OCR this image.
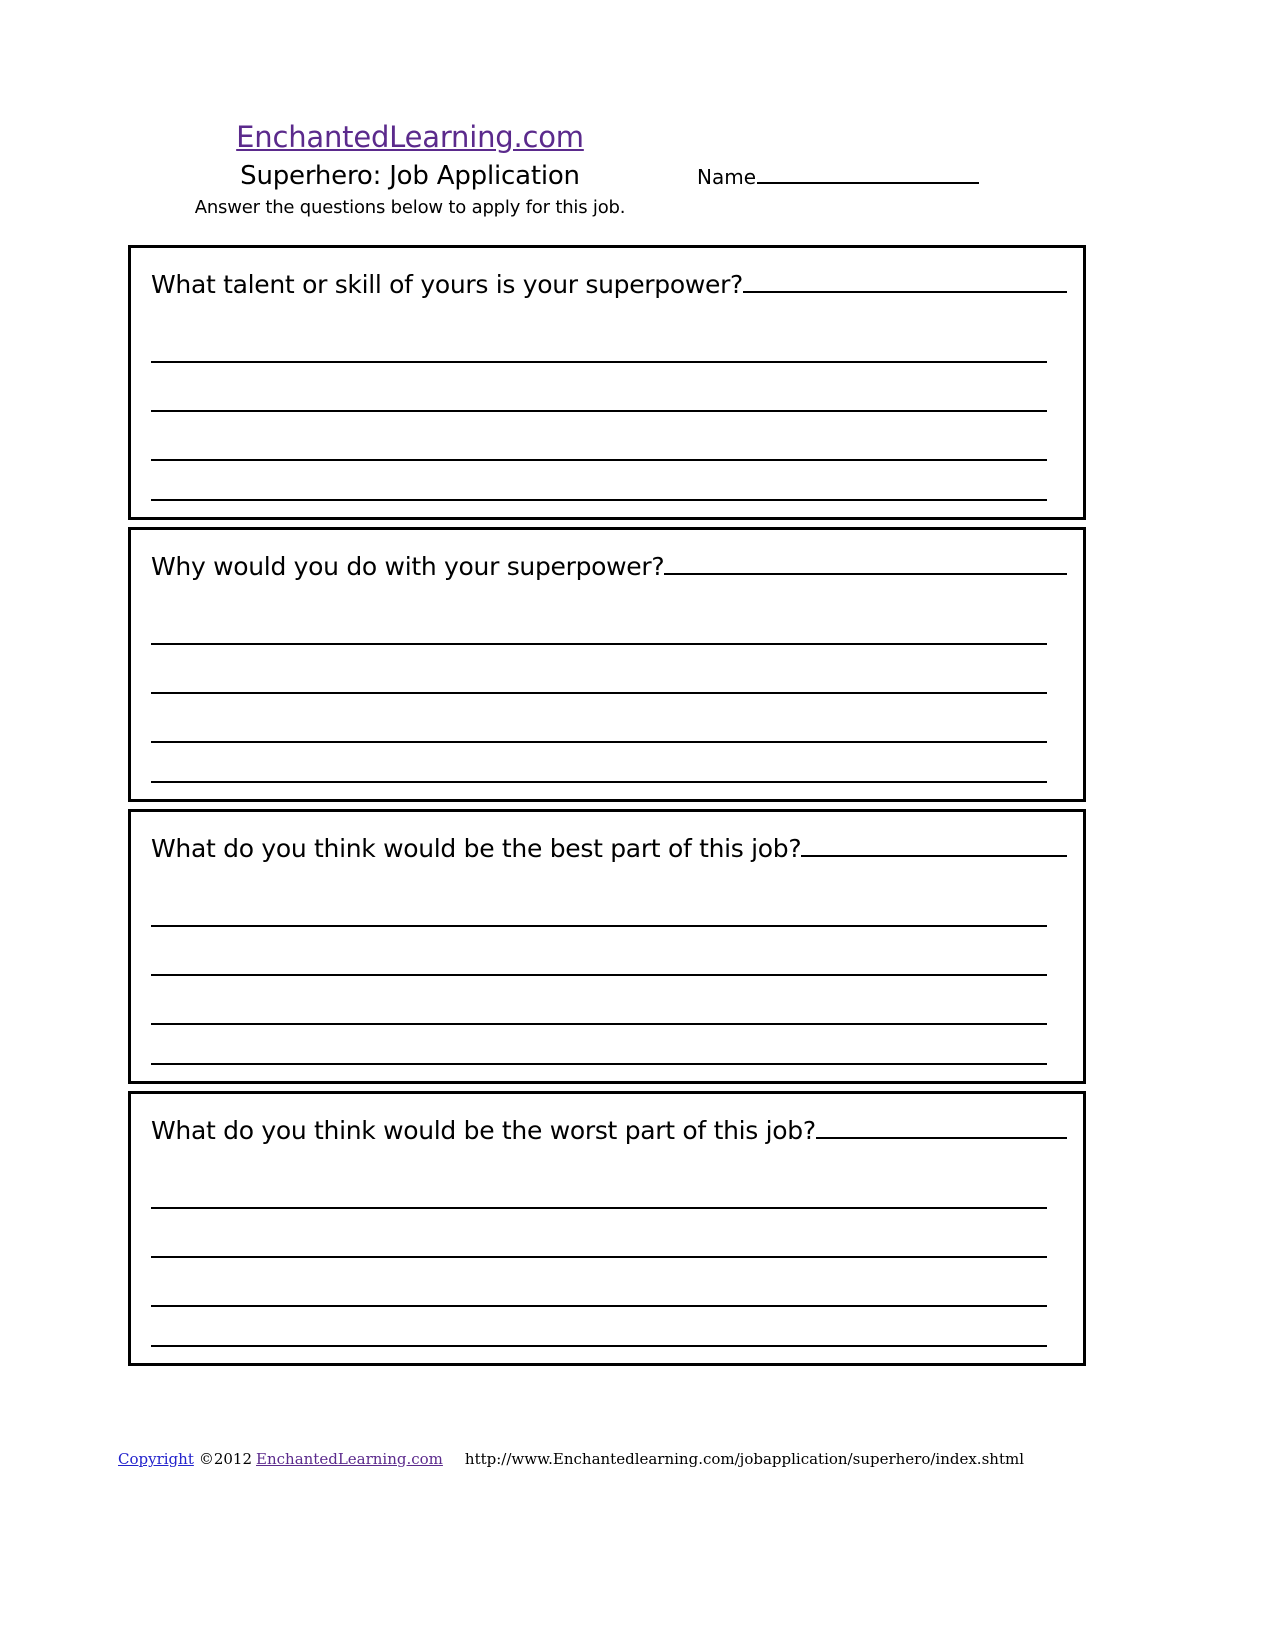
EnchantedLearning.com
Superhero: Job Application
Answer the questions below to apply for this job.
Name
What talent or skill of yours is your superpower?
Why would you do with your superpower?
What do you think would be the best part of this job?
What do you think would be the worst part of this job?
Copyright ©2012 EnchantedLearning.com http://www.Enchantedlearning.com/jobapplication/superhero/index.shtml
